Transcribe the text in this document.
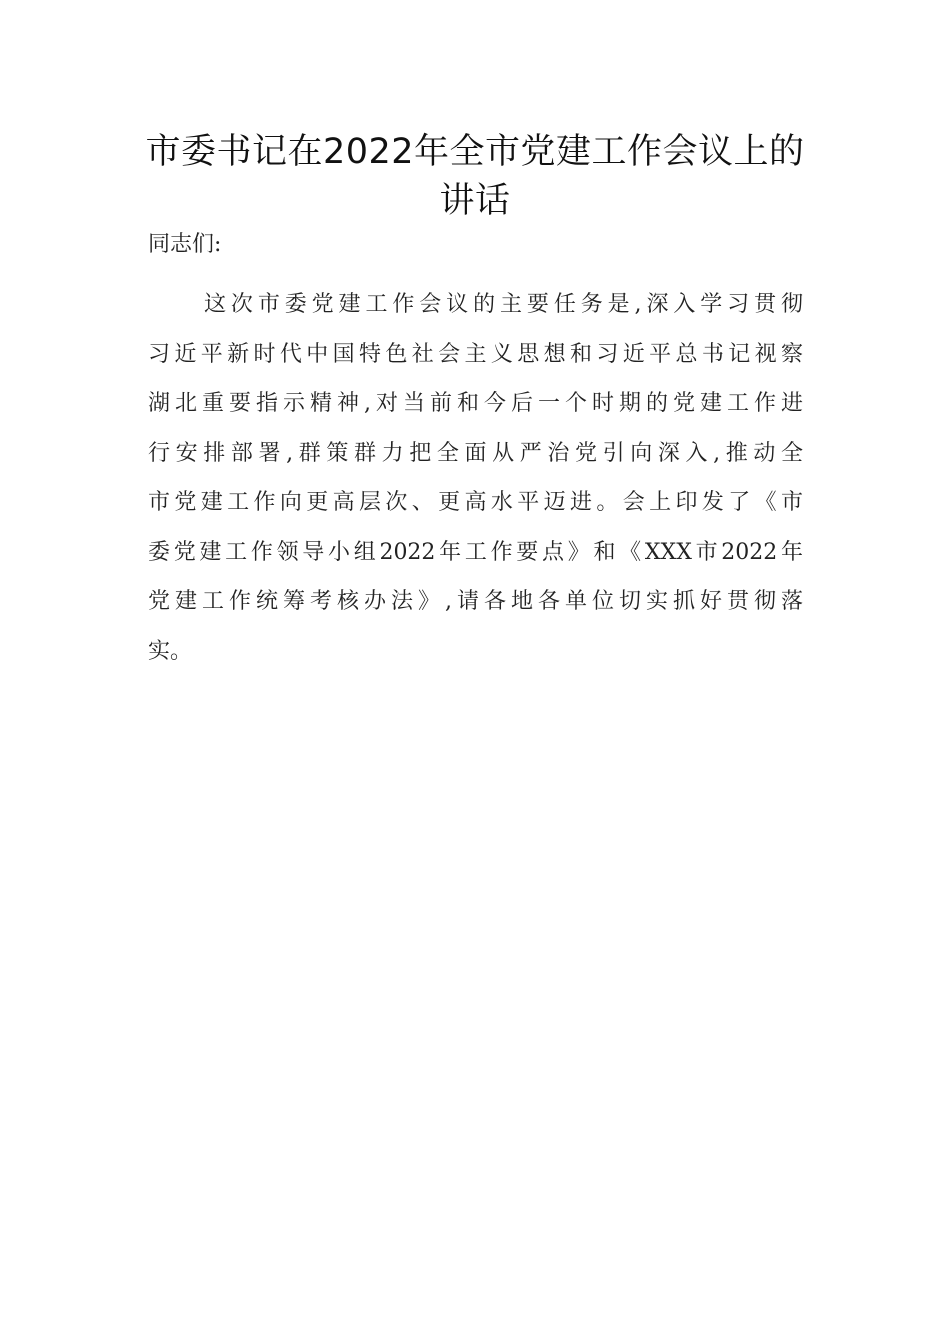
市委书记在2022年全市党建工作会议上的
讲话

同志们:

这次市委党建工作会议的主要任务是,深入学习贯彻
习近平新时代中国特色社会主义思想和习近平总书记视察
湖北重要指示精神,对当前和今后一个时期的党建工作进
行安排部署,群策群力把全面从严治党引向深入,推动全
市党建工作向更高层次、更高水平迈进。会上印发了《市
委党建工作领导小组2022年工作要点》和《XXX市2022年
党建工作统筹考核办法》,请各地各单位切实抓好贯彻落
实。
